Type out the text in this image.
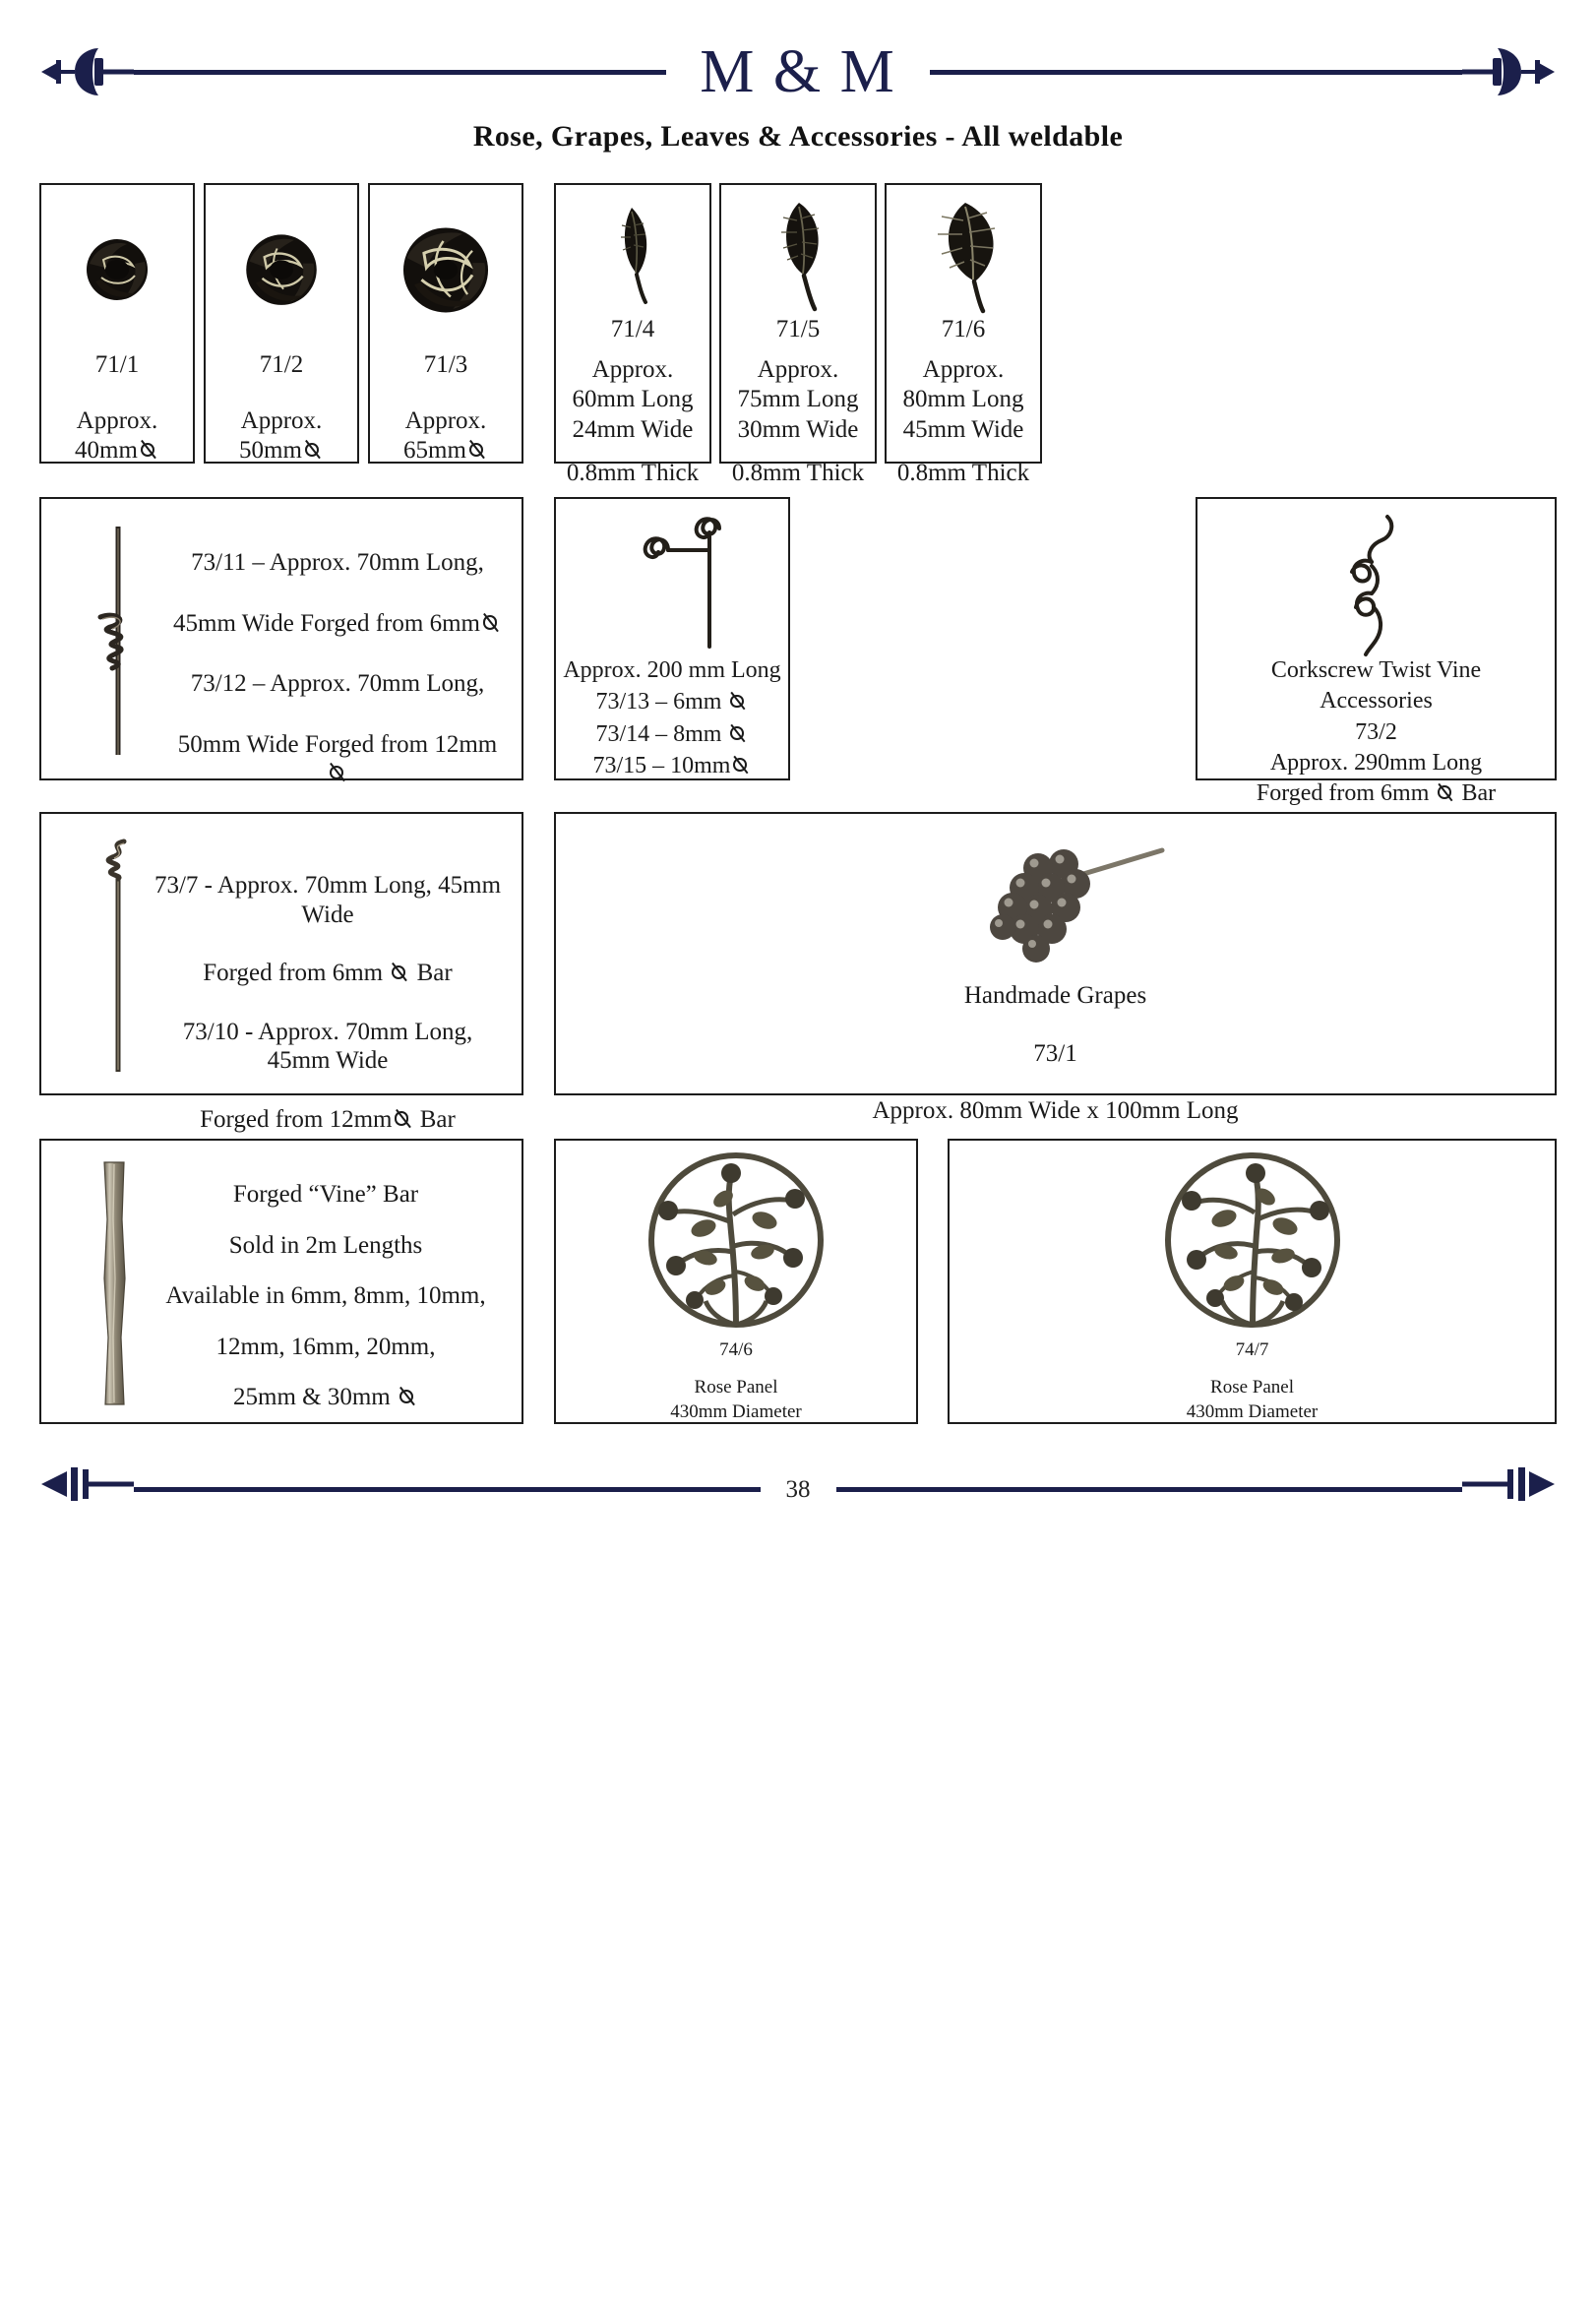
M & M
Rose, Grapes, Leaves & Accessories - All weldable
71/1
Approx.
40mm
71/2
Approx.
50mm
71/3
Approx.
65mm
71/4
Approx.
60mm Long
24mm Wide
0.8mm Thick
71/5
Approx.
75mm Long
30mm Wide
0.8mm Thick
71/6
Approx.
80mm Long
45mm Wide
0.8mm Thick
73/11 – Approx. 70mm Long,
45mm Wide Forged from 6mm
73/12 – Approx. 70mm Long,
50mm Wide Forged from 12mm
Approx. 200 mm Long
73/13 – 6mm
73/14 – 8mm
73/15 – 10mm
Corkscrew Twist Vine
Accessories
73/2
Approx. 290mm Long
Forged from 6mm Bar
73/7 - Approx. 70mm Long, 45mm Wide
Forged from 6mm Bar
73/10 - Approx. 70mm Long, 45mm Wide
Forged from 12mm Bar
Handmade Grapes
73/1
Approx. 80mm Wide x 100mm Long
Forged “Vine” Bar
Sold in 2m Lengths
Available in 6mm, 8mm, 10mm,
12mm, 16mm, 20mm,
25mm & 30mm
74/6
Rose Panel
430mm Diameter
74/7
Rose Panel
430mm Diameter
38
